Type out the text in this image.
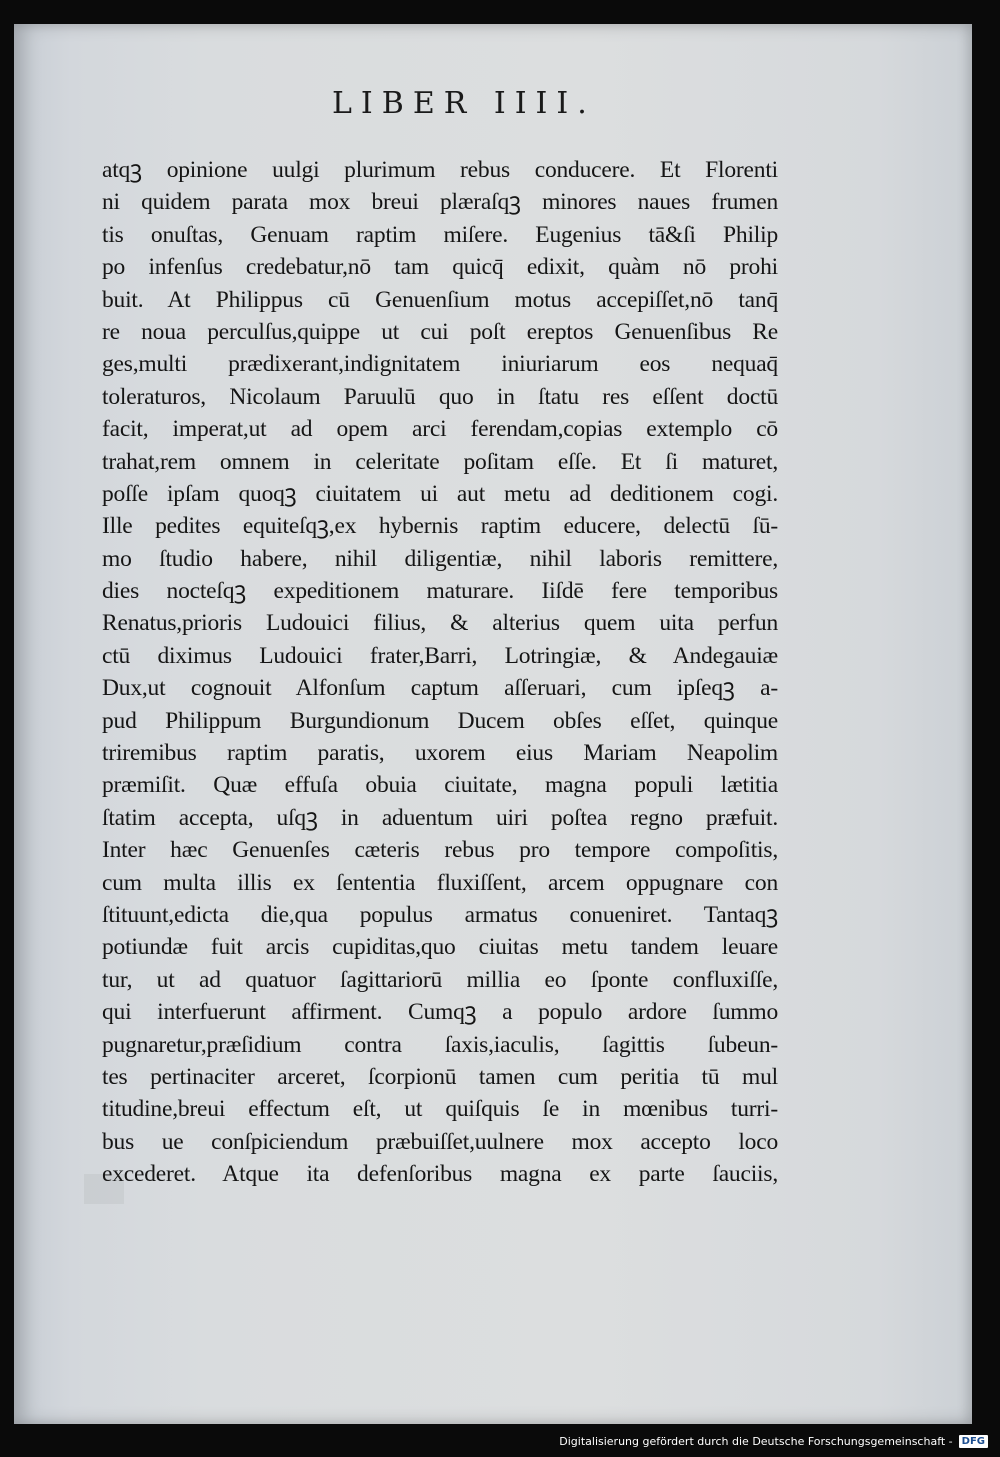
LIBER IIII.
atqꝫ opinione uulgi plurimum rebus conducere. Et Florenti
ni quidem parata mox breui plæraſqꝫ minores naues frumen
tis onuſtas, Genuam raptim miſere. Eugenius tā&ſi Philip
po infenſus credebatur,nō tam quicq̄ edixit, quàm nō prohi
buit. At Philippus cū Genuenſium motus accepiſſet,nō tanq̄
re noua perculſus,quippe ut cui poſt ereptos Genuenſibus Re
ges,multi prædixerant,indignitatem iniuriarum eos nequaq̄
toleraturos, Nicolaum Paruulū quo in ſtatu res eſſent doctū
facit, imperat,ut ad opem arci ferendam,copias extemplo cō
trahat,rem omnem in celeritate poſitam eſſe. Et ſi maturet,
poſſe ipſam quoqꝫ ciuitatem ui aut metu ad deditionem cogi.
Ille pedites equiteſqꝫ,ex hybernis raptim educere, delectū ſū-
mo ſtudio habere, nihil diligentiæ, nihil laboris remittere,
dies nocteſqꝫ expeditionem maturare. Iiſdē fere temporibus
Renatus,prioris Ludouici filius, & alterius quem uita perfun
ctū diximus Ludouici frater,Barri, Lotringiæ, & Andegauiæ
Dux,ut cognouit Alfonſum captum aſſeruari, cum ipſeqꝫ a-
pud Philippum Burgundionum Ducem obſes eſſet, quinque
triremibus raptim paratis, uxorem eius Mariam Neapolim
præmiſit. Quæ effuſa obuia ciuitate, magna populi lætitia
ſtatim accepta, uſqꝫ in aduentum uiri poſtea regno præfuit.
Inter hæc Genuenſes cæteris rebus pro tempore compoſitis,
cum multa illis ex ſententia fluxiſſent, arcem oppugnare con
ſtituunt,edicta die,qua populus armatus conueniret. Tantaqꝫ
potiundæ fuit arcis cupiditas,quo ciuitas metu tandem leuare
tur, ut ad quatuor ſagittariorū millia eo ſponte confluxiſſe,
qui interfuerunt affirment. Cumqꝫ a populo ardore ſummo
pugnaretur,præſidium contra ſaxis,iaculis, ſagittis ſubeun-
tes pertinaciter arceret, ſcorpionū tamen cum peritia tū mul
titudine,breui effectum eſt, ut quiſquis ſe in mœnibus turri-
bus ue conſpiciendum præbuiſſet,uulnere mox accepto loco
excederet. Atque ita defenſoribus magna ex parte ſauciis,
Digitalisierung gefördert durch die Deutsche Forschungsgemeinschaft - DFG
